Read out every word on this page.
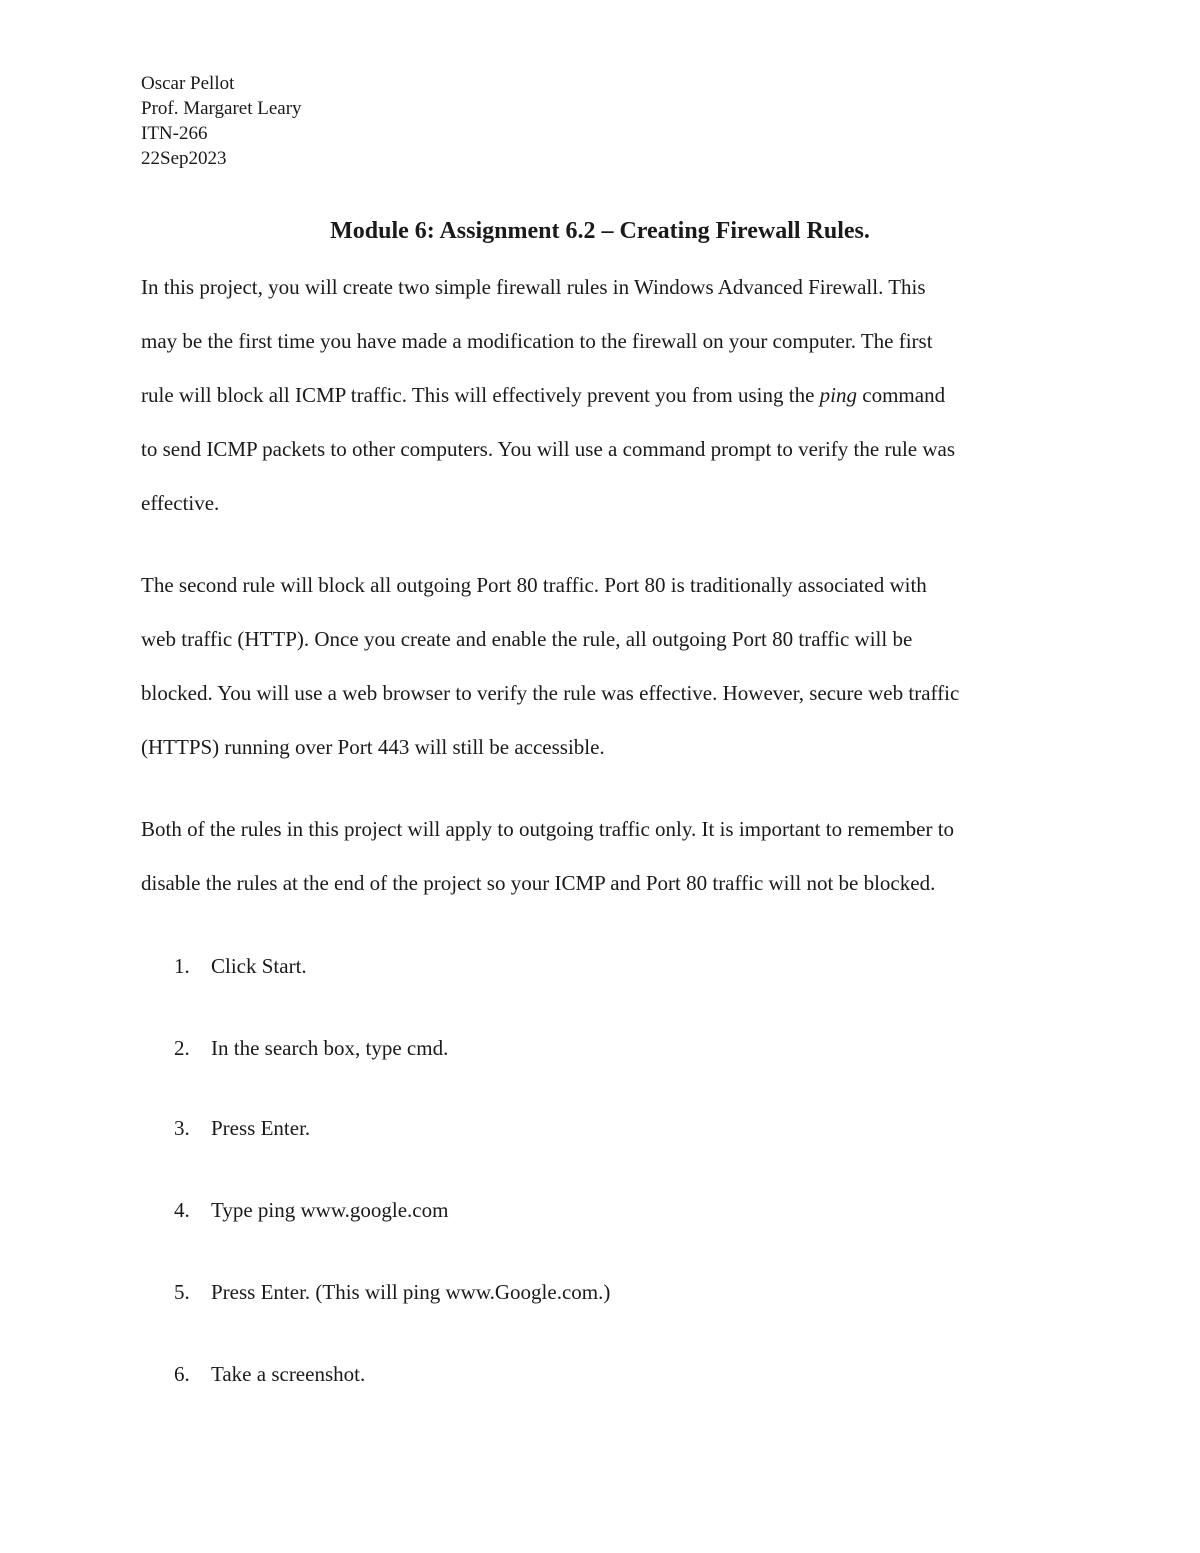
Oscar Pellot
Prof. Margaret Leary
ITN-266
22Sep2023
Module 6: Assignment 6.2 – Creating Firewall Rules.

In this project, you will create two simple firewall rules in Windows Advanced Firewall. This
may be the first time you have made a modification to the firewall on your computer. The first
rule will block all ICMP traffic. This will effectively prevent you from using the ping command
to send ICMP packets to other computers. You will use a command prompt to verify the rule was
effective.

The second rule will block all outgoing Port 80 traffic. Port 80 is traditionally associated with
web traffic (HTTP). Once you create and enable the rule, all outgoing Port 80 traffic will be
blocked. You will use a web browser to verify the rule was effective. However, secure web traffic
(HTTPS) running over Port 443 will still be accessible.

Both of the rules in this project will apply to outgoing traffic only. It is important to remember to
disable the rules at the end of the project so your ICMP and Port 80 traffic will not be blocked.

1. Click Start.
2. In the search box, type cmd.
3. Press Enter.
4. Type ping www.google.com
5. Press Enter. (This will ping www.Google.com.)
6. Take a screenshot.
